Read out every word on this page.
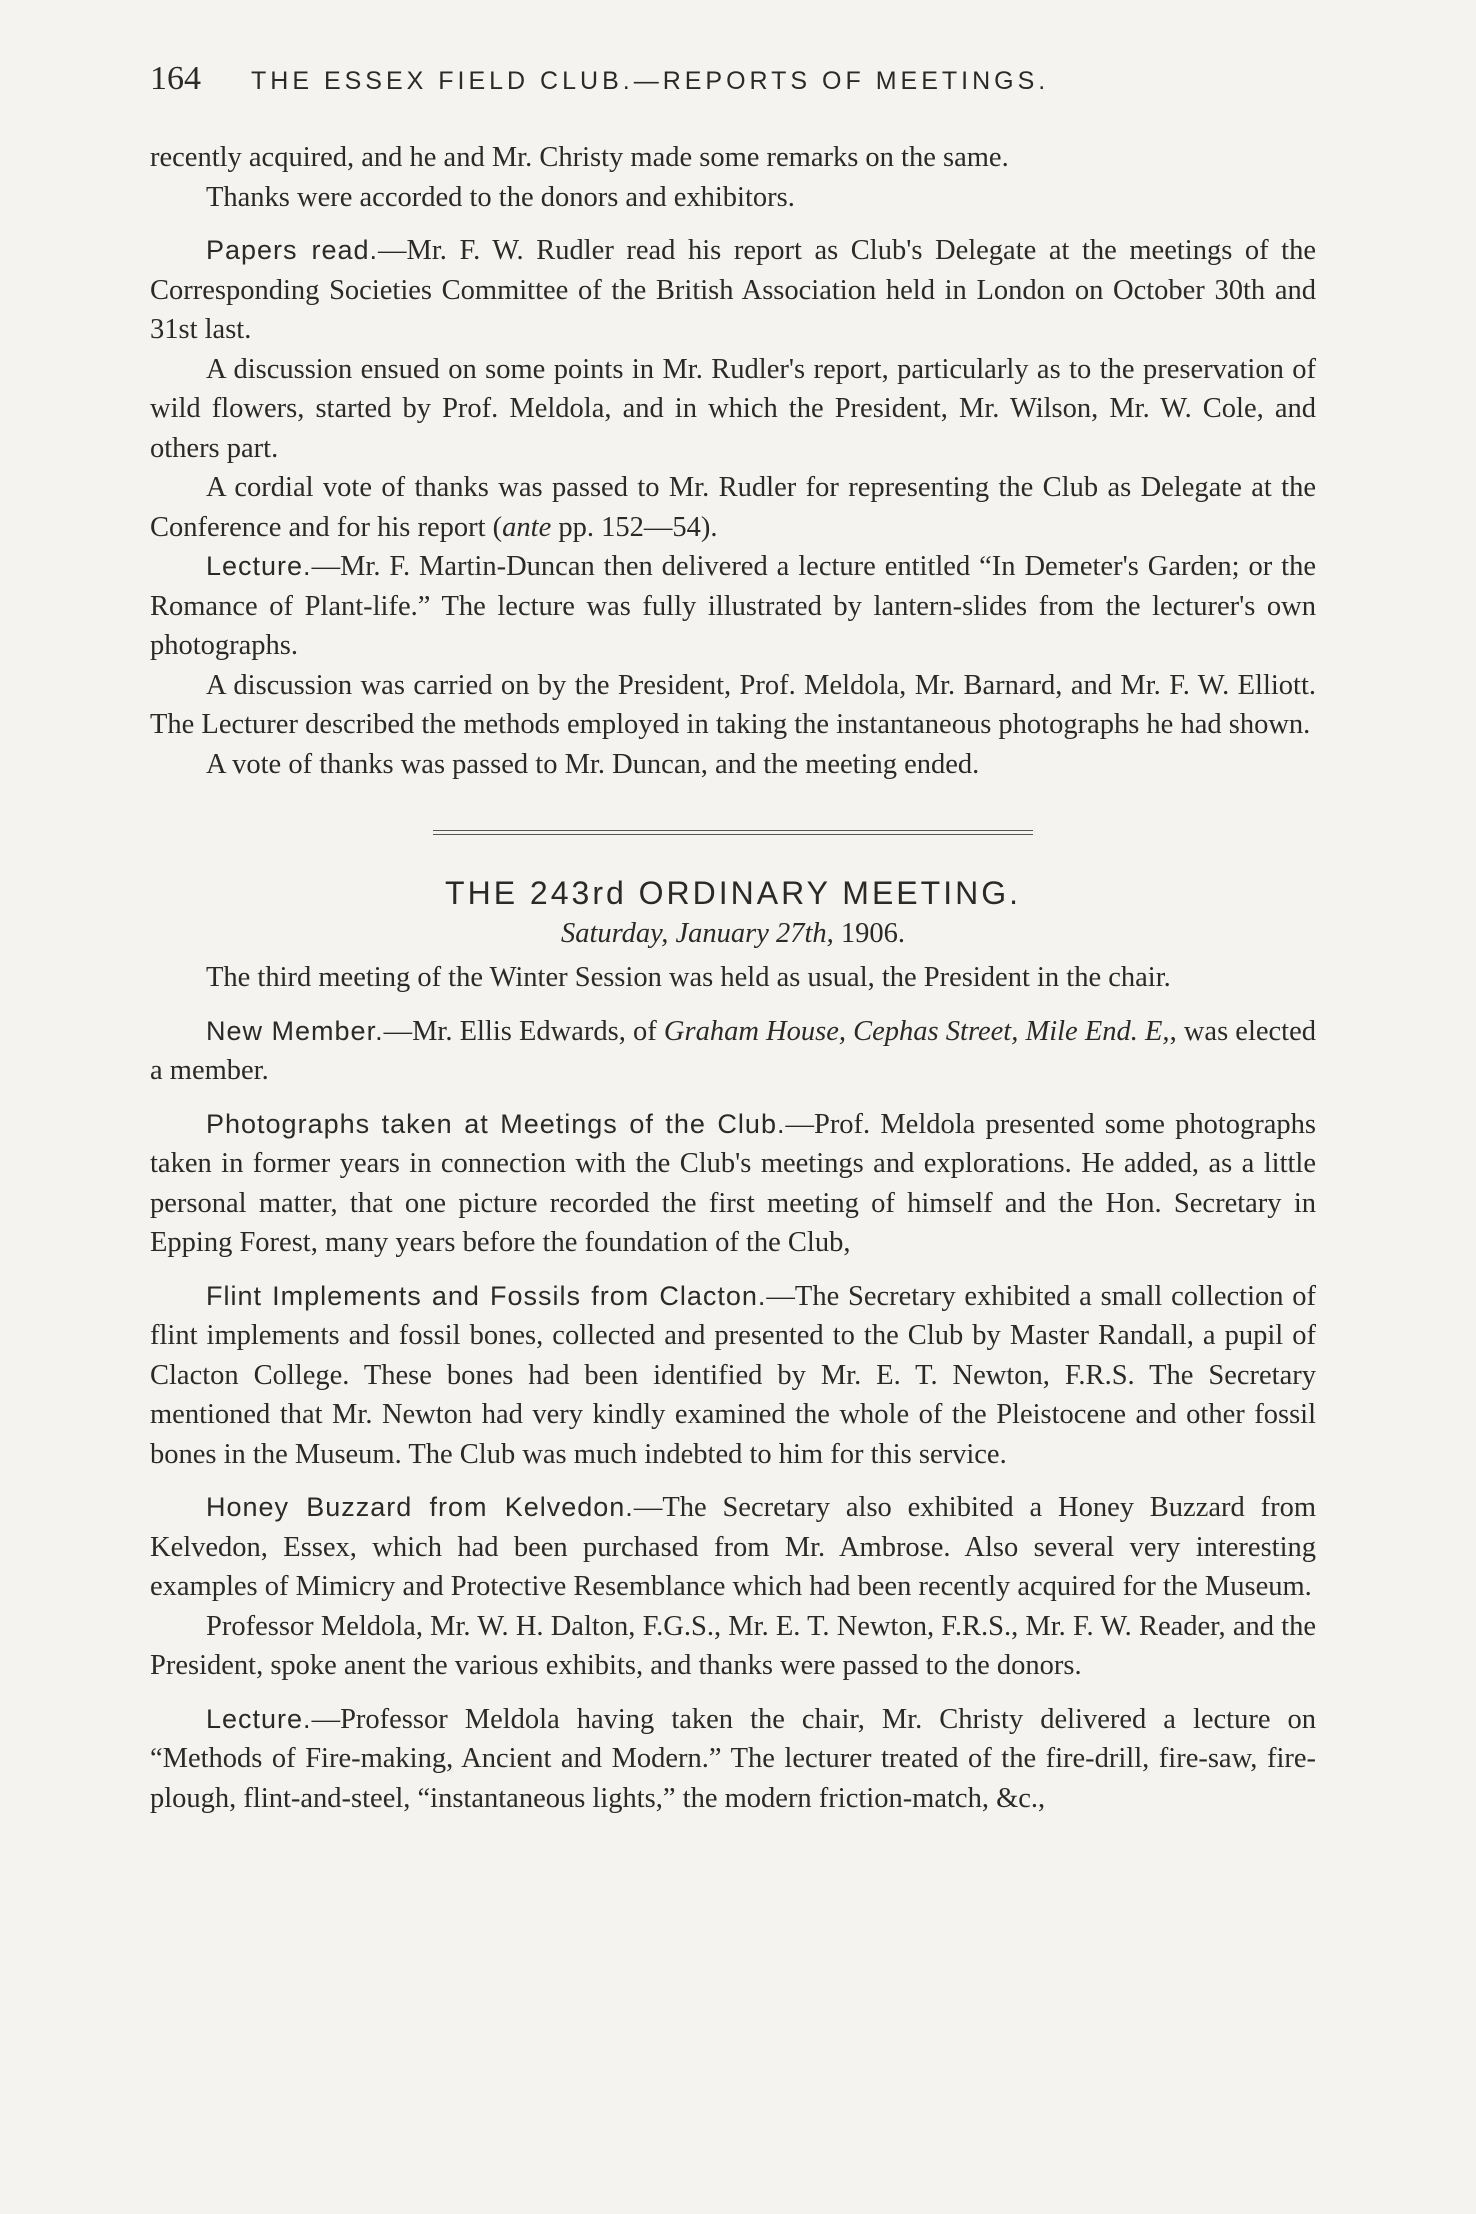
164 THE ESSEX FIELD CLUB.—REPORTS OF MEETINGS.

recently acquired, and he and Mr. Christy made some remarks on the same.

Thanks were accorded to the donors and exhibitors.

Papers read.—Mr. F. W. Rudler read his report as Club's Delegate at the meetings of the Corresponding Societies Committee of the British Association held in London on October 30th and 31st last.

A discussion ensued on some points in Mr. Rudler's report, particularly as to the preservation of wild flowers, started by Prof. Meldola, and in which the President, Mr. Wilson, Mr. W. Cole, and others part.

A cordial vote of thanks was passed to Mr. Rudler for representing the Club as Delegate at the Conference and for his report (ante pp. 152—54).

Lecture.—Mr. F. Martin-Duncan then delivered a lecture entitled “In Demeter's Garden; or the Romance of Plant-life.” The lecture was fully illustrated by lantern-slides from the lecturer's own photographs.

A discussion was carried on by the President, Prof. Meldola, Mr. Barnard, and Mr. F. W. Elliott. The Lecturer described the methods employed in taking the instantaneous photographs he had shown.

A vote of thanks was passed to Mr. Duncan, and the meeting ended.

THE 243rd ORDINARY MEETING.
Saturday, January 27th, 1906.

The third meeting of the Winter Session was held as usual, the President in the chair.

New Member.—Mr. Ellis Edwards, of Graham House, Cephas Street, Mile End. E,, was elected a member.

Photographs taken at Meetings of the Club.—Prof. Meldola presented some photographs taken in former years in connection with the Club's meetings and explorations. He added, as a little personal matter, that one picture recorded the first meeting of himself and the Hon. Secretary in Epping Forest, many years before the foundation of the Club,

Flint Implements and Fossils from Clacton.—The Secretary exhibited a small collection of flint implements and fossil bones, collected and presented to the Club by Master Randall, a pupil of Clacton College. These bones had been identified by Mr. E. T. Newton, F.R.S. The Secretary mentioned that Mr. Newton had very kindly examined the whole of the Pleistocene and other fossil bones in the Museum. The Club was much indebted to him for this service.

Honey Buzzard from Kelvedon.—The Secretary also exhibited a Honey Buzzard from Kelvedon, Essex, which had been purchased from Mr. Ambrose. Also several very interesting examples of Mimicry and Protective Resemblance which had been recently acquired for the Museum.

Professor Meldola, Mr. W. H. Dalton, F.G.S., Mr. E. T. Newton, F.R.S., Mr. F. W. Reader, and the President, spoke anent the various exhibits, and thanks were passed to the donors.

Lecture.—Professor Meldola having taken the chair, Mr. Christy delivered a lecture on “Methods of Fire-making, Ancient and Modern.” The lecturer treated of the fire-drill, fire-saw, fire-plough, flint-and-steel, “instantaneous lights,” the modern friction-match, &c.,
